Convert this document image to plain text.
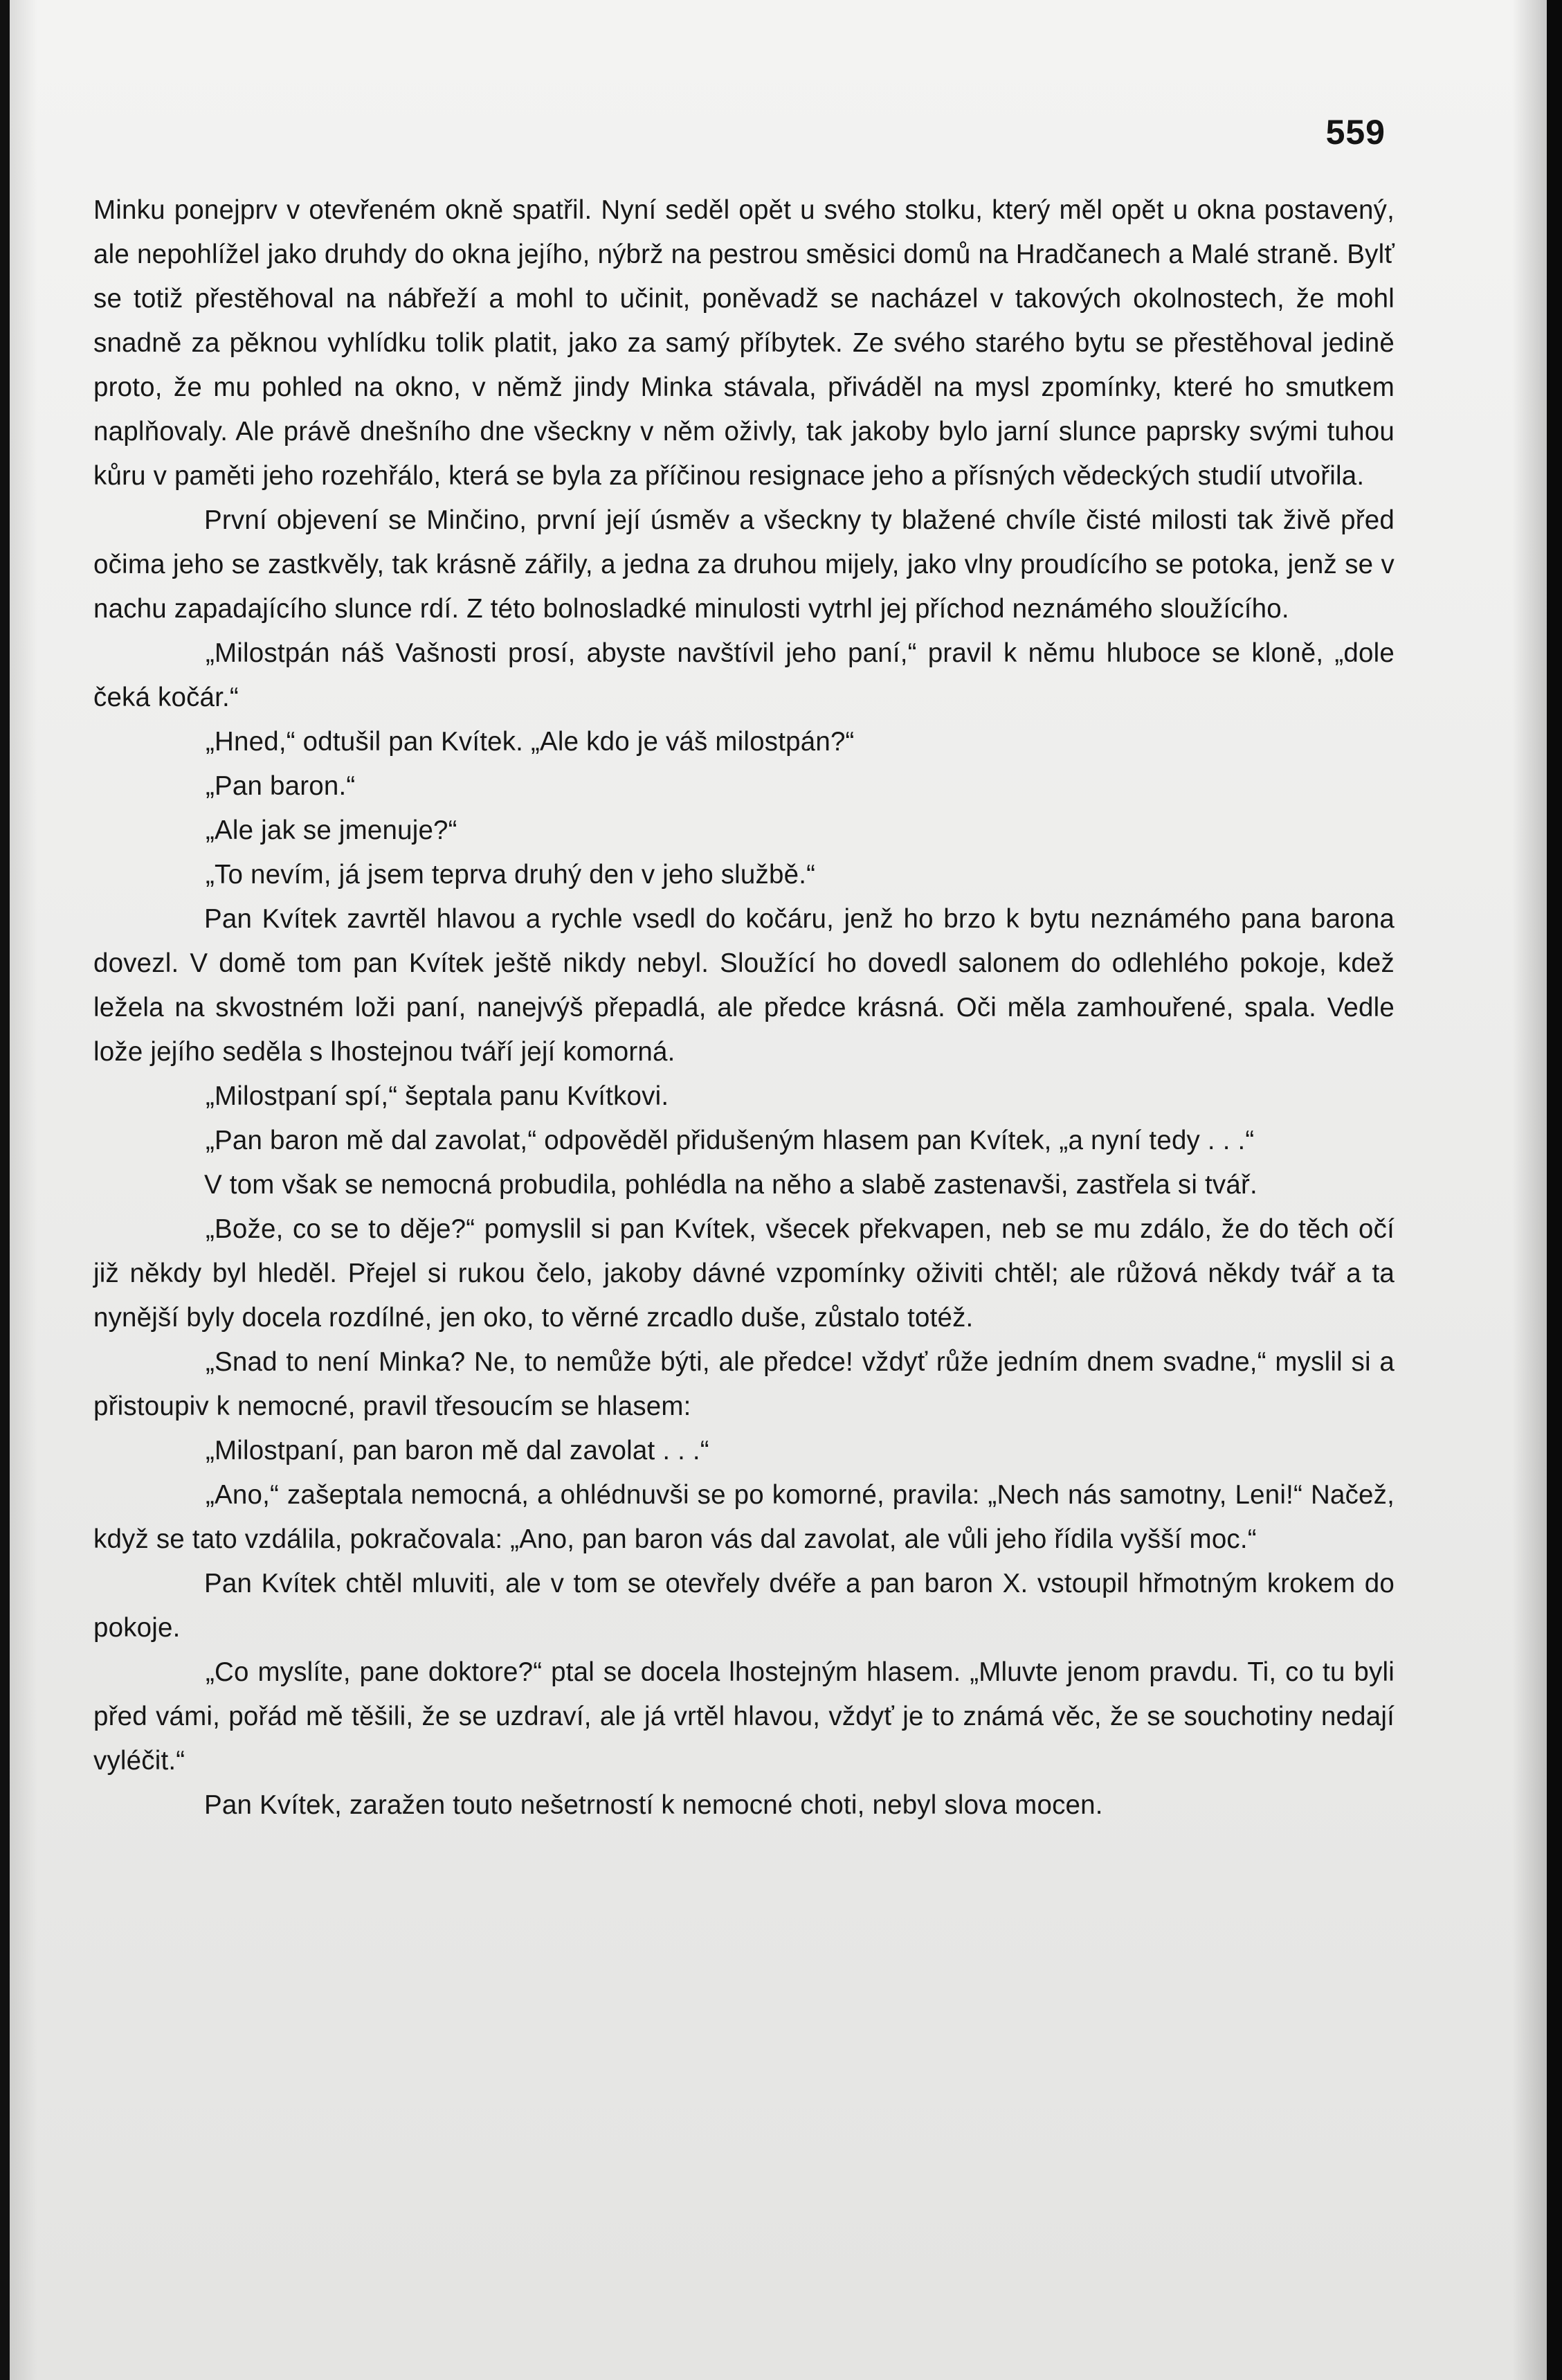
559

Minku ponejprv v otevřeném okně spatřil. Nyní seděl opět u svého stolku, který měl opět u okna postavený, ale nepohlížel jako druhdy do okna jejího, nýbrž na pestrou směsici domů na Hradčanech a Malé straně. Bylť se totiž přestěhoval na nábřeží a mohl to učinit, poněvadž se nacházel v takových okolnostech, že mohl snadně za pěknou vyhlídku tolik platit, jako za samý příbytek. Ze svého starého bytu se přestěhoval jedině proto, že mu pohled na okno, v němž jindy Minka stávala, přiváděl na mysl zpomínky, které ho smutkem naplňovaly. Ale právě dnešního dne všeckny v něm oživly, tak jakoby bylo jarní slunce paprsky svými tuhou kůru v paměti jeho rozehřálo, která se byla za příčinou resignace jeho a přísných vědeckých studií utvořila.

První objevení se Minčino, první její úsměv a všeckny ty blažené chvíle čisté milosti tak živě před očima jeho se zastkvěly, tak krásně zářily, a jedna za druhou mijely, jako vlny proudícího se potoka, jenž se v nachu zapadajícího slunce rdí. Z této bolnosladké minulosti vytrhl jej příchod neznámého sloužícího.

„Milostpán náš Vašnosti prosí, abyste navštívil jeho paní,“ pravil k němu hluboce se kloně, „dole čeká kočár.“

„Hned,“ odtušil pan Kvítek. „Ale kdo je váš milostpán?“

„Pan baron.“

„Ale jak se jmenuje?“

„To nevím, já jsem teprva druhý den v jeho službě.“

Pan Kvítek zavrtěl hlavou a rychle vsedl do kočáru, jenž ho brzo k bytu neznámého pana barona dovezl. V domě tom pan Kvítek ještě nikdy nebyl. Sloužící ho dovedl salonem do odlehlého pokoje, kdež ležela na skvostném loži paní, nanejvýš přepadlá, ale předce krásná. Oči měla zamhouřené, spala. Vedle lože jejího seděla s lhostejnou tváří její komorná.

„Milostpaní spí,“ šeptala panu Kvítkovi.

„Pan baron mě dal zavolat,“ odpověděl přidušeným hlasem pan Kvítek, „a nyní tedy . . .“

V tom však se nemocná probudila, pohlédla na něho a slabě zastenavši, zastřela si tvář.

„Bože, co se to děje?“ pomyslil si pan Kvítek, všecek překvapen, neb se mu zdálo, že do těch očí již někdy byl hleděl. Přejel si rukou čelo, jakoby dávné vzpomínky oživiti chtěl; ale růžová někdy tvář a ta nynější byly docela rozdílné, jen oko, to věrné zrcadlo duše, zůstalo totéž.

„Snad to není Minka? Ne, to nemůže býti, ale předce! vždyť růže jedním dnem svadne,“ myslil si a přistoupiv k nemocné, pravil třesoucím se hlasem:

„Milostpaní, pan baron mě dal zavolat . . .“

„Ano,“ zašeptala nemocná, a ohlédnuvši se po komorné, pravila: „Nech nás samotny, Leni!“ Načež, když se tato vzdálila, pokračovala: „Ano, pan baron vás dal zavolat, ale vůli jeho řídila vyšší moc.“

Pan Kvítek chtěl mluviti, ale v tom se otevřely dvéře a pan baron X. vstoupil hřmotným krokem do pokoje.

„Co myslíte, pane doktore?“ ptal se docela lhostejným hlasem. „Mluvte jenom pravdu. Ti, co tu byli před vámi, pořád mě těšili, že se uzdraví, ale já vrtěl hlavou, vždyť je to známá věc, že se souchotiny nedají vyléčit.“

Pan Kvítek, zaražen touto nešetrností k nemocné choti, nebyl slova mocen.
